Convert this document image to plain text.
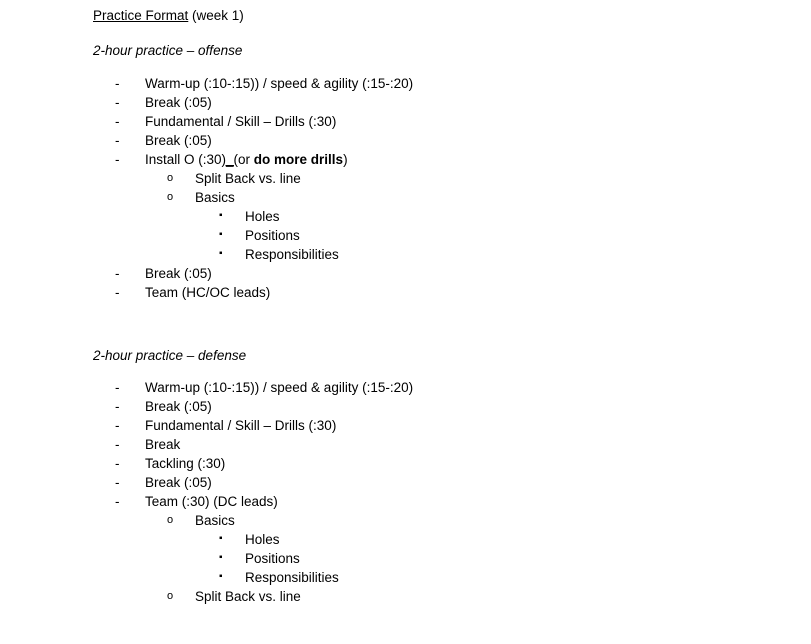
Practice Format (week 1)

2-hour practice – offense

-	Warm-up (:10-:15)) / speed & agility (:15-:20)
-	Break (:05)
-	Fundamental / Skill – Drills (:30)
-	Break (:05)
-	Install O (:30)_(or do more drills)
o Split Back vs. line
o Basics
▪ Holes
▪ Positions
▪ Responsibilities
-	Break (:05)
-	Team (HC/OC leads)

2-hour practice – defense

-	Warm-up (:10-:15)) / speed & agility (:15-:20)
-	Break (:05)
-	Fundamental / Skill – Drills (:30)
-	Break
-	Tackling (:30)
-	Break (:05)
-	Team (:30) (DC leads)
o Basics
▪ Holes
▪ Positions
▪ Responsibilities
o Split Back vs. line
